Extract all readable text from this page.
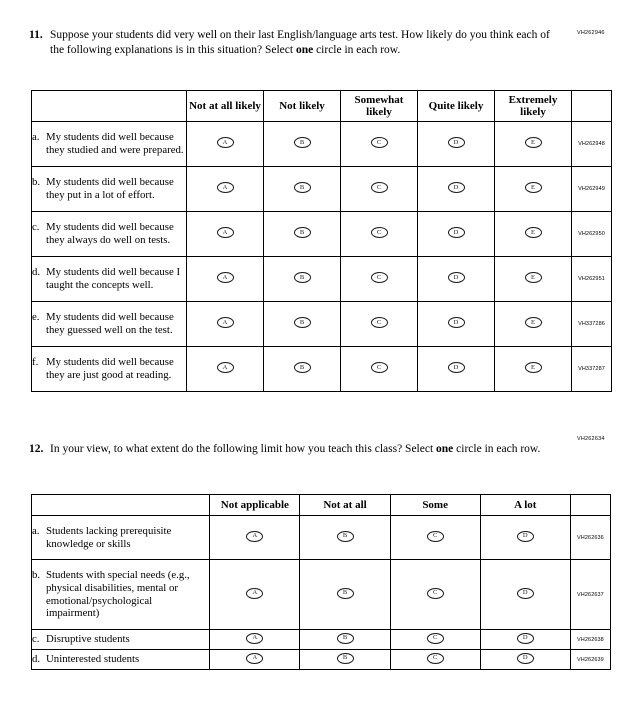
VH262946
11. Suppose your students did very well on their last English/language arts test. How likely do you think each of the following explanations is in this situation? Select one circle in each row.
	Not at all likely	Not likely	Somewhat likely	Quite likely	Extremely likely	
a. My students did well because they studied and were prepared.	A	B	C	D	E	VH262948
b. My students did well because they put in a lot of effort.	A	B	C	D	E	VH262949
c. My students did well because they always do well on tests.	A	B	C	D	E	VH262950
d. My students did well because I taught the concepts well.	A	B	C	D	E	VH262951
e. My students did well because they guessed well on the test.	A	B	C	D	E	VH337286
f. My students did well because they are just good at reading.	A	B	C	D	E	VH337287
VH262634
12. In your view, to what extent do the following limit how you teach this class? Select one circle in each row.
	Not applicable	Not at all	Some	A lot	
a. Students lacking prerequisite knowledge or skills	A	B	C	D	VH262636
b. Students with special needs (e.g., physical disabilities, mental or emotional/psychological impairment)	A	B	C	D	VH262637
c. Disruptive students	A	B	C	D	VH262638
d. Uninterested students	A	B	C	D	VH262639
